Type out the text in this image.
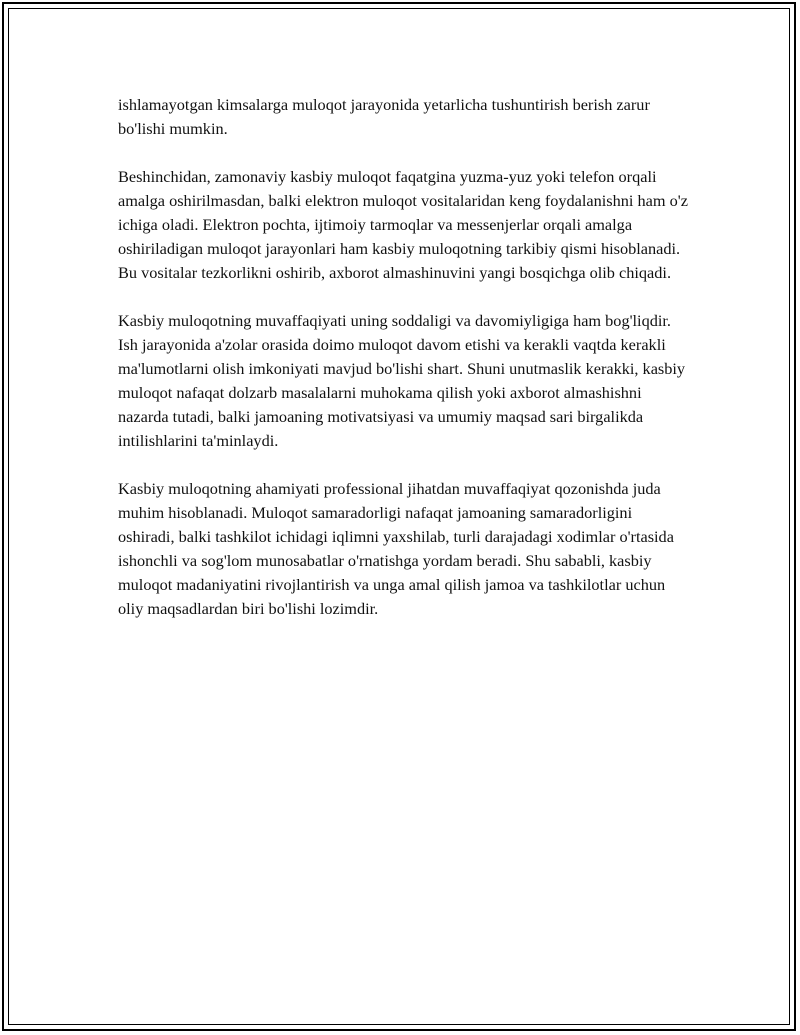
ishlamayotgan kimsalarga muloqot jarayonida yetarlicha tushuntirish berish zarur bo'lishi mumkin.

Beshinchidan, zamonaviy kasbiy muloqot faqatgina yuzma-yuz yoki telefon orqali amalga oshirilmasdan, balki elektron muloqot vositalaridan keng foydalanishni ham o'z ichiga oladi. Elektron pochta, ijtimoiy tarmoqlar va messenjerlar orqali amalga oshiriladigan muloqot jarayonlari ham kasbiy muloqotning tarkibiy qismi hisoblanadi. Bu vositalar tezkorlikni oshirib, axborot almashinuvini yangi bosqichga olib chiqadi.

Kasbiy muloqotning muvaffaqiyati uning soddaligi va davomiyligiga ham bog'liqdir. Ish jarayonida a'zolar orasida doimo muloqot davom etishi va kerakli vaqtda kerakli ma'lumotlarni olish imkoniyati mavjud bo'lishi shart. Shuni unutmaslik kerakki, kasbiy muloqot nafaqat dolzarb masalalarni muhokama qilish yoki axborot almashishni nazarda tutadi, balki jamoaning motivatsiyasi va umumiy maqsad sari birgalikda intilishlarini ta'minlaydi.

Kasbiy muloqotning ahamiyati professional jihatdan muvaffaqiyat qozonishda juda muhim hisoblanadi. Muloqot samaradorligi nafaqat jamoaning samaradorligini oshiradi, balki tashkilot ichidagi iqlimni yaxshilab, turli darajadagi xodimlar o'rtasida ishonchli va sog'lom munosabatlar o'rnatishga yordam beradi. Shu sababli, kasbiy muloqot madaniyatini rivojlantirish va unga amal qilish jamoa va tashkilotlar uchun oliy maqsadlardan biri bo'lishi lozimdir.
